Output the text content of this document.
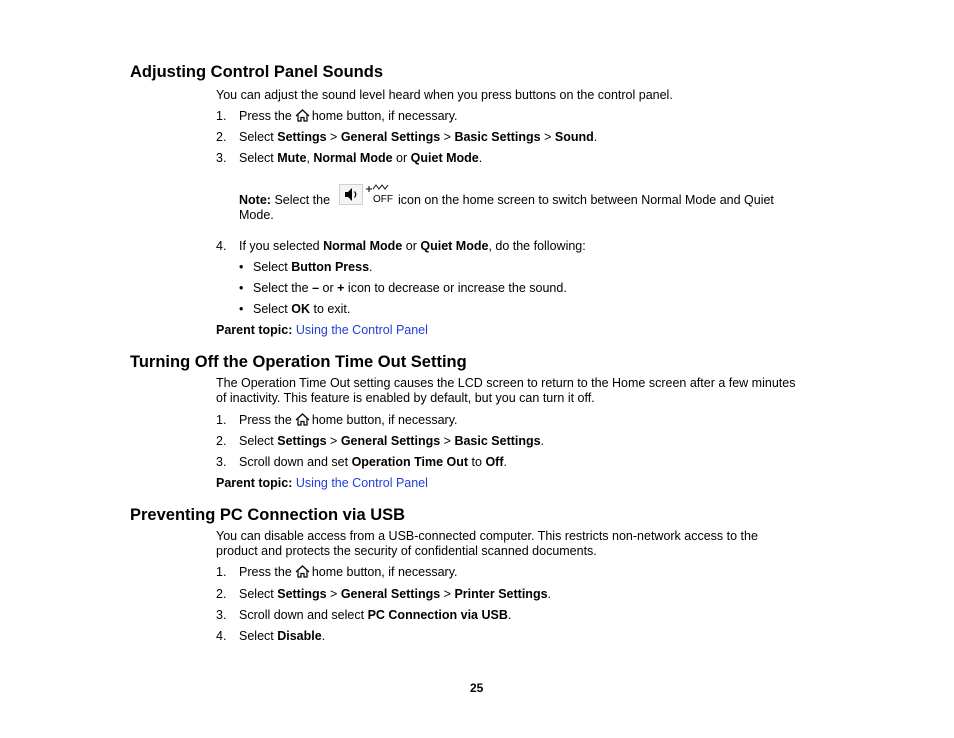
Adjusting Control Panel Sounds
You can adjust the sound level heard when you press buttons on the control panel.
1.	Press the home button, if necessary.
2.	Select Settings > General Settings > Basic Settings > Sound.
3.	Select Mute, Normal Mode or Quiet Mode.
Note: Select the	OFF icon on the home screen to switch between Normal Mode and Quiet
Mode.
4.	If you selected Normal Mode or Quiet Mode, do the following:
• Select Button Press.
• Select the – or + icon to decrease or increase the sound.
• Select OK to exit.
Parent topic: Using the Control Panel
Turning Off the Operation Time Out Setting
The Operation Time Out setting causes the LCD screen to return to the Home screen after a few minutes
of inactivity. This feature is enabled by default, but you can turn it off.
1.	Press the home button, if necessary.
2.	Select Settings > General Settings > Basic Settings.
3.	Scroll down and set Operation Time Out to Off.
Parent topic: Using the Control Panel
Preventing PC Connection via USB
You can disable access from a USB-connected computer. This restricts non-network access to the
product and protects the security of confidential scanned documents.
1.	Press the home button, if necessary.
2.	Select Settings > General Settings > Printer Settings.
3.	Scroll down and select PC Connection via USB.
4.	Select Disable.
25
